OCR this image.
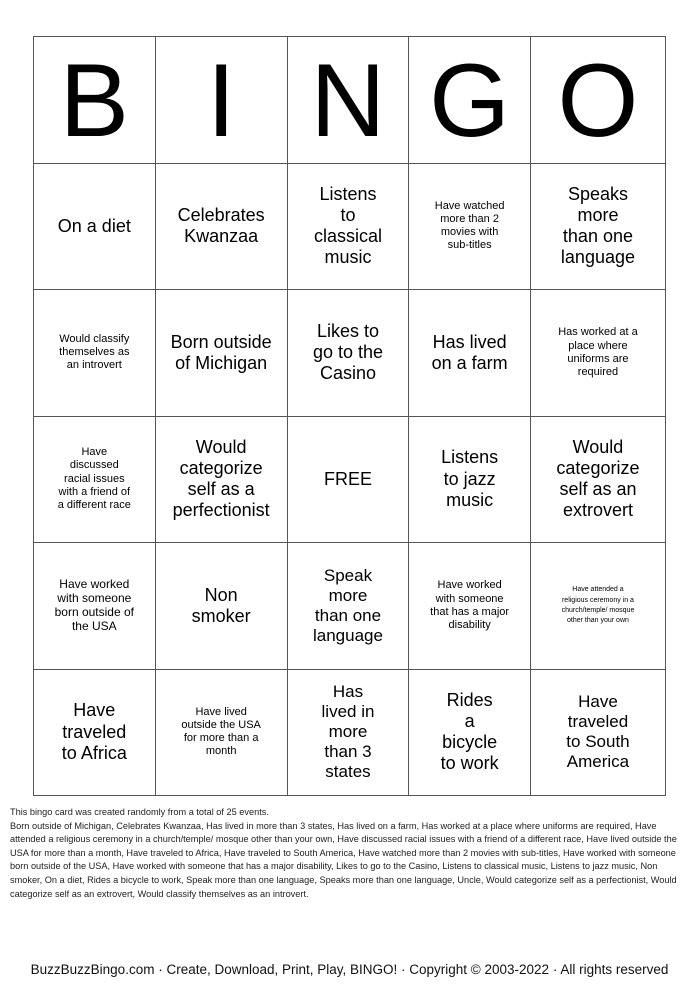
B I N G O
On a diet
Celebrates Kwanzaa
Listens to classical music
Have watched more than 2 movies with sub-titles
Speaks more than one language
Would classify themselves as an introvert
Born outside of Michigan
Likes to go to the Casino
Has lived on a farm
Has worked at a place where uniforms are required
Have discussed racial issues with a friend of a different race
Would categorize self as a perfectionist
FREE
Listens to jazz music
Would categorize self as an extrovert
Have worked with someone born outside of the USA
Non smoker
Speak more than one language
Have worked with someone that has a major disability
Have attended a religious ceremony in a church/temple/ mosque other than your own
Have traveled to Africa
Have lived outside the USA for more than a month
Has lived in more than 3 states
Rides a bicycle to work
Have traveled to South America

This bingo card was created randomly from a total of 25 events.

Born outside of Michigan, Celebrates Kwanzaa, Has lived in more than 3 states, Has lived on a farm, Has worked at a place where uniforms are required, Have attended a religious ceremony in a church/temple/ mosque other than your own, Have discussed racial issues with a friend of a different race, Have lived outside the USA for more than a month, Have traveled to Africa, Have traveled to South America, Have watched more than 2 movies with sub-titles, Have worked with someone born outside of the USA, Have worked with someone that has a major disability, Likes to go to the Casino, Listens to classical music, Listens to jazz music, Non smoker, On a diet, Rides a bicycle to work, Speak more than one language, Speaks more than one language, Uncle, Would categorize self as a perfectionist, Would categorize self as an extrovert, Would classify themselves as an introvert.

BuzzBuzzBingo.com · Create, Download, Print, Play, BINGO! · Copyright © 2003-2022 · All rights reserved
